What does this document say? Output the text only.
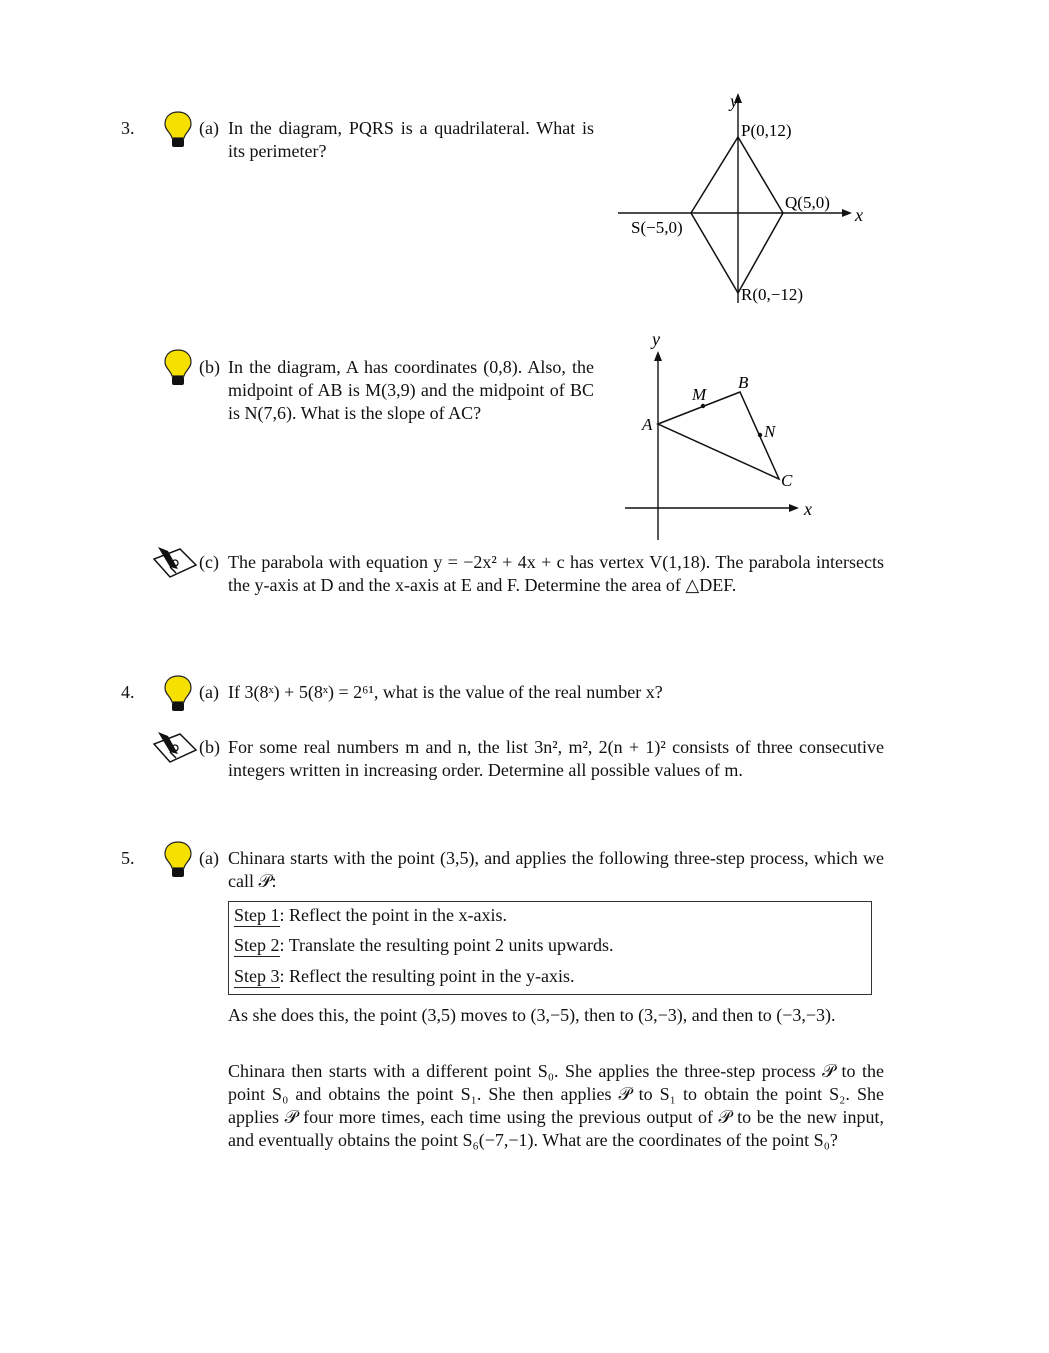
3.	(a) In the diagram, PQRS is a quadrilateral. What is its perimeter?
y
x
P(0,12)
Q(5,0)
S(−5,0)
R(0,−12)
(b) In the diagram, A has coordinates (0,8). Also, the midpoint of AB is M(3,9) and the midpoint of BC is N(7,6). What is the slope of AC?
y
x
A
B
C
M
N
(c) The parabola with equation y = −2x² + 4x + c has vertex V(1,18). The parabola intersects the y-axis at D and the x-axis at E and F. Determine the area of △DEF.
4.	(a) If 3(8ˣ) + 5(8ˣ) = 2⁶¹, what is the value of the real number x?
(b) For some real numbers m and n, the list 3n², m², 2(n + 1)² consists of three consecutive integers written in increasing order. Determine all possible values of m.
5.	(a) Chinara starts with the point (3,5), and applies the following three-step process, which we call 𝒫:
Step 1: Reflect the point in the x-axis.
Step 2: Translate the resulting point 2 units upwards.
Step 3: Reflect the resulting point in the y-axis.

As she does this, the point (3,5) moves to (3,−5), then to (3,−3), and then to (−3,−3).

Chinara then starts with a different point S₀. She applies the three-step process 𝒫 to the point S₀ and obtains the point S₁. She then applies 𝒫 to S₁ to obtain the point S₂. She applies 𝒫 four more times, each time using the previous output of 𝒫 to be the new input, and eventually obtains the point S₆(−7,−1). What are the coordinates of the point S₀?
